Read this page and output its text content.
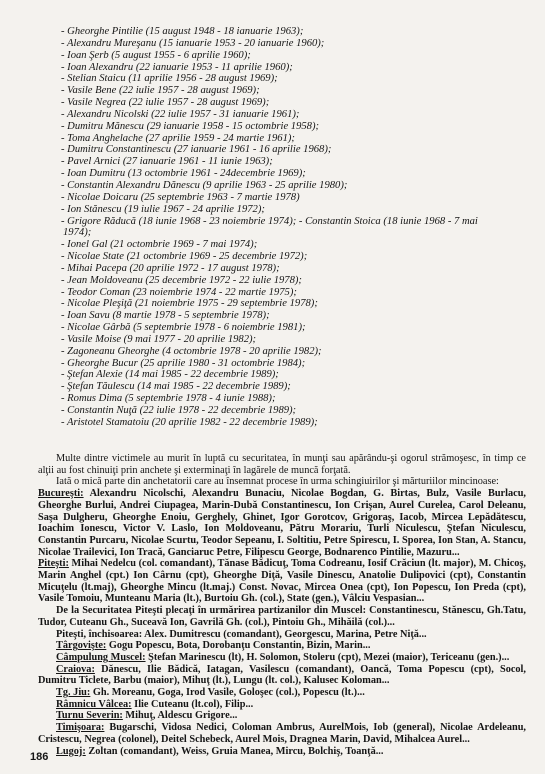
- Gheorghe Pintilie (15 august 1948 - 18 ianuarie 1963);
- Alexandru Mureşanu (15 ianuarie 1953 - 20 ianuarie 1960);
- Ioan Şerb (5 august 1955 - 6 aprilie 1960);
- Ioan Alexandru (22 ianuarie 1953 - 11 aprilie 1960);
- Stelian Staicu (11 aprilie 1956 - 28 august 1969);
- Vasile Bene (22 iulie 1957 - 28 august 1969);
- Vasile Negrea (22 iulie 1957 - 28 august 1969);
- Alexandru Nicolski (22 iulie 1957 - 31 ianuarie 1961);
- Dumitru Mănescu (29 ianuarie 1958 - 15 octombrie 1958);
- Toma Anghelache (27 aprilie 1959 - 24 martie 1961);
- Dumitru Constantinescu (27 ianuarie 1961 - 16 aprilie 1968);
- Pavel Arnici (27 ianuarie 1961 - 11 iunie 1963);
- Ioan Dumitru (13 octombrie 1961 - 24decembrie 1969);
- Constantin Alexandru Dănescu (9 aprilie 1963 - 25 aprilie 1980);
- Nicolae Doicaru (25 septembrie 1963 - 7 martie 1978)
- Ion Stănescu (19 iulie 1967 - 24 aprilie 1972);
- Grigore Răducă (18 iunie 1968 - 23 noiembrie 1974); - Constantin Stoica (18 iunie 1968 - 7 mai
1974);
- Ionel Gal (21 octombrie 1969 - 7 mai 1974);
- Nicolae State (21 octombrie 1969 - 25 decembrie 1972);
- Mihai Pacepa (20 aprilie 1972 - 17 august 1978);
- Jean Moldoveanu (25 decembrie 1972 - 22 iulie 1978);
- Teodor Coman (23 noiembrie 1974 - 22 martie 1975);
- Nicolae Pleşiţă (21 noiembrie 1975 - 29 septembrie 1978);
- Ioan Savu (8 martie 1978 - 5 septembrie 1978);
- Nicolae Gârbă (5 septembrie 1978 - 6 noiembrie 1981);
- Vasile Moise (9 mai 1977 - 20 aprilie 1982);
- Zagoneanu Gheorghe (4 octombrie 1978 - 20 aprilie 1982);
- Gheorghe Bucur (25 aprilie 1980 - 31 octombrie 1984);
- Ştefan Alexie (14 mai 1985 - 22 decembrie 1989);
- Ştefan Tăulescu (14 mai 1985 - 22 decembrie 1989);
- Romus Dima (5 septembrie 1978 - 4 iunie 1988);
- Constantin Nuţă (22 iulie 1978 - 22 decembrie 1989);
- Aristotel Stamatoiu (20 aprilie 1982 - 22 decembrie 1989);

Multe dintre victimele au murit în luptă cu securitatea, în munţi sau apărându-şi ogorul strămoşesc, în timp ce alţii au fost chinuiţi prin anchete şi exterminaţi în lagărele de muncă forţată.

Iată o mică parte din anchetatorii care au însemnat procese în urma schingiuirilor şi mărturiilor mincinoase:

Bucureşti: Alexandru Nicolschi, Alexandru Bunaciu, Nicolae Bogdan, G. Birtas, Bulz, Vasile Burlacu, Gheorghe Burlui, Andrei Ciupagea, Marin-Dubă Constantinescu, Ion Crişan, Aurel Curelea, Carol Deleanu, Saşa Dulgheru, Gheorghe Enoiu, Gerghely, Ghinet, Igor Gorotcov, Grigoraş, Iacob, Mircea Lepădătescu, Ioachim Ionescu, Victor V. Laslo, Ion Moldoveanu, Pătru Morariu, Turli Niculescu, Ştefan Niculescu, Constantin Purcaru, Nicolae Scurtu, Teodor Sepeanu, I. Soltitiu, Petre Spirescu, I. Sporea, Ion Stan, A. Stancu, Nicolae Trailevici, Ion Tracă, Ganciaruc Petre, Filipescu George, Bodnarenco Pintilie, Mazuru...

Piteşti: Mihai Nedelcu (col. comandant), Tănase Bădicuţ, Toma Codreanu, Iosif Crăciun (lt. major), M. Chicoş, Marin Anghel (cpt.) Ion Cârnu (cpt), Gheorghe Diţă, Vasile Dinescu, Anatolie Dulipovici (cpt), Constantin Micuţelu (lt.maj), Gheorghe Mincu (lt.maj.) Const. Novac, Mircea Onea (cpt), Ion Popescu, Ion Preda (cpt), Vasile Tomoiu, Munteanu Maria (lt.), Burtoiu Gh. (col.), State (gen.), Vâlciu Vespasian...

De la Securitatea Piteşti plecaţi în urmărirea partizanilor din Muscel: Constantinescu, Stănescu, Gh.Tatu, Tudor, Cuteanu Gh., Suceavă Ion, Gavrilă Gh. (col.), Pintoiu Gh., Mihăilă (col.)...

Piteşti, închisoarea: Alex. Dumitrescu (comandant), Georgescu, Marina, Petre Niţă...

Târgovişte: Gogu Popescu, Bota, Dorobanţu Constantin, Bizin, Marin...

Câmpulung Muscel: Ştefan Marinescu (lt), H. Solomon, Stoleru (cpt), Mezei (maior), Tericeanu (gen.)...

Craiova: Dănescu, Ilie Bădică, Iatagan, Vasilescu (comandant), Oancă, Toma Popescu (cpt), Socol, Dumitru Ticlete, Barbu (maior), Mihuţ (lt.), Lungu (lt. col.), Kalusec Koloman...

Tg. Jiu: Gh. Moreanu, Goga, Irod Vasile, Goloşec (col.), Popescu (lt.)...

Râmnicu Vâlcea: Ilie Cuteanu (lt.col), Filip...

Turnu Severin: Mihuţ, Aldescu Grigore...

Timişoara: Bugarschi, Vidosa Nedici, Coloman Ambrus, AurelMois, Iob (general), Nicolae Ardeleanu, Cristescu, Negrea (colonel), Deitel Schebeck, Aurel Mois, Dragnea Marin, David, Mihalcea Aurel...

Lugoj: Zoltan (comandant), Weiss, Gruia Manea, Mircu, Bolchiş, Toanţă...

186
